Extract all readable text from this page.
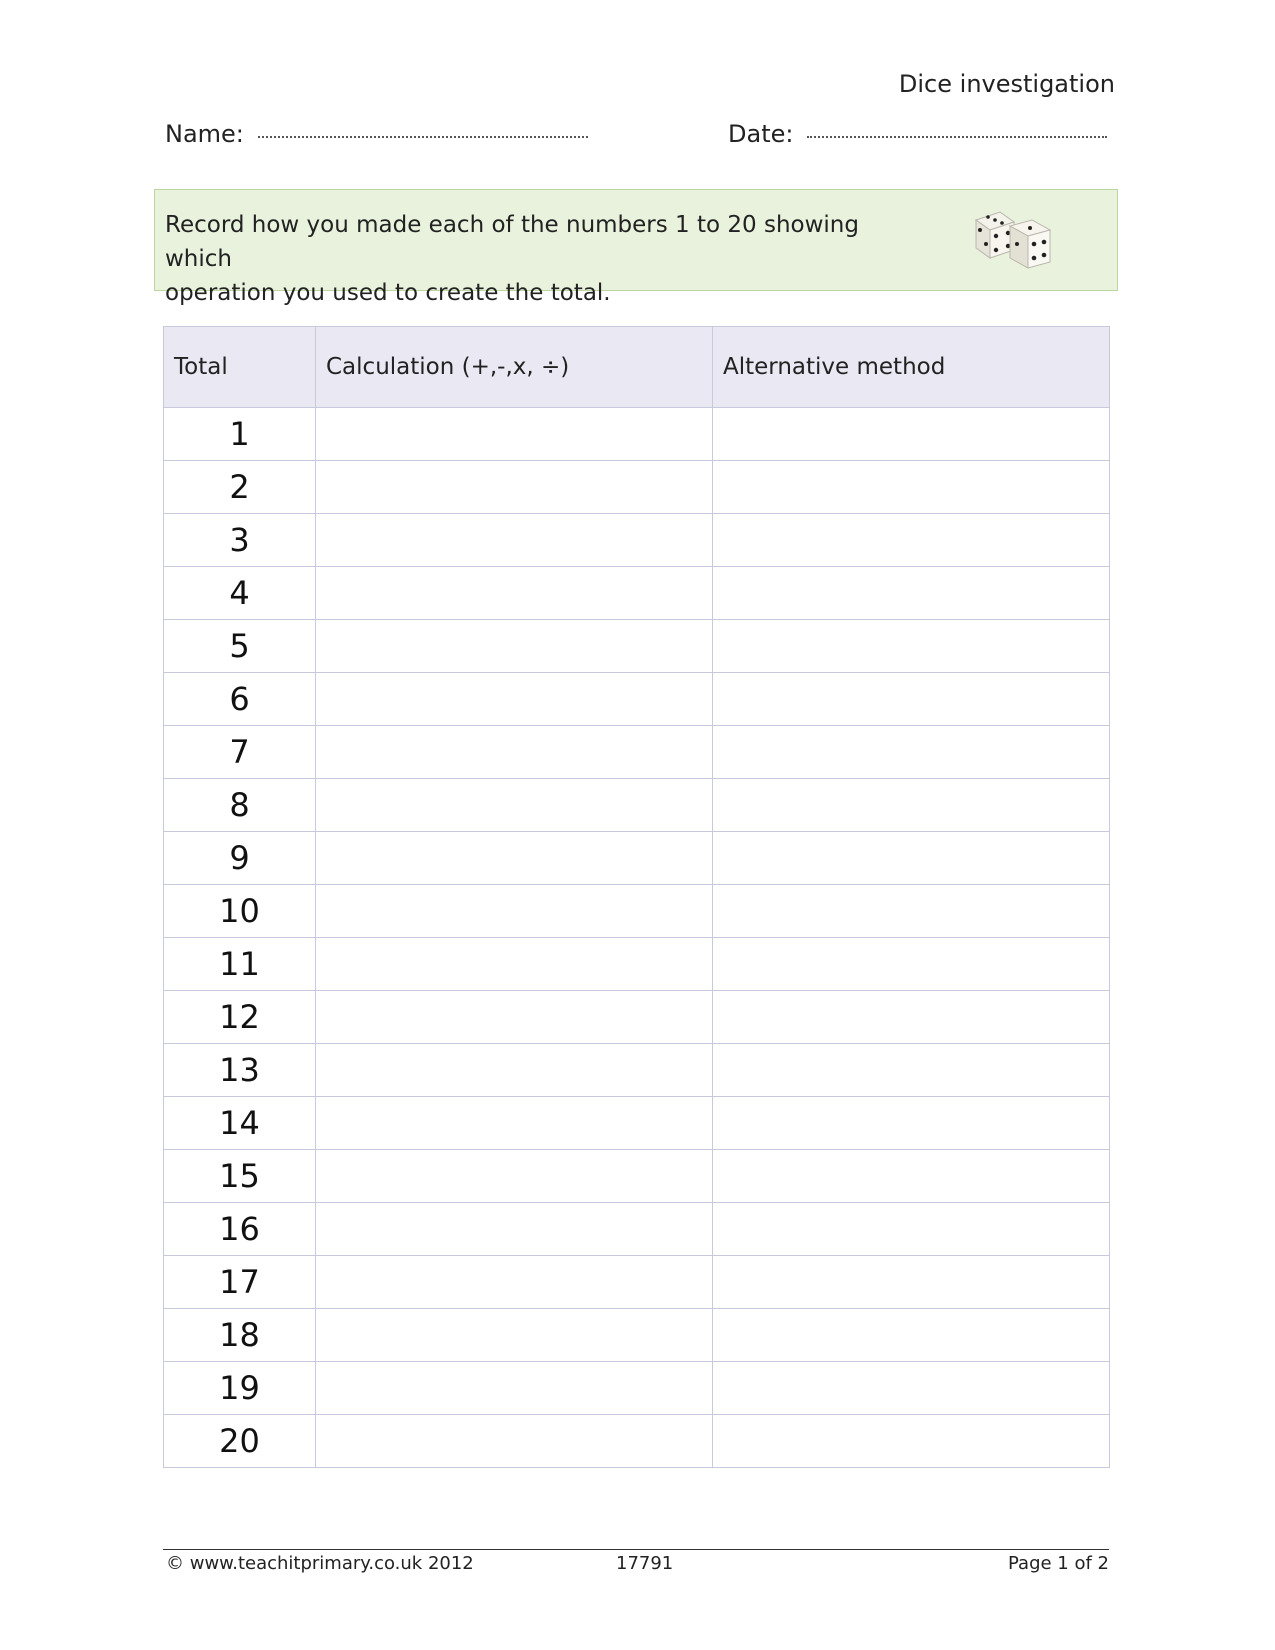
Dice investigation
Name:	Date:
Record how you made each of the numbers 1 to 20 showing which
operation you used to create the total.
Total	Calculation (+,-,x, ÷)	Alternative method
1		
2		
3		
4		
5		
6		
7		
8		
9		
10		
11		
12		
13		
14		
15		
16		
17		
18		
19		
20		
© www.teachitprimary.co.uk 2012	17791	Page 1 of 2
